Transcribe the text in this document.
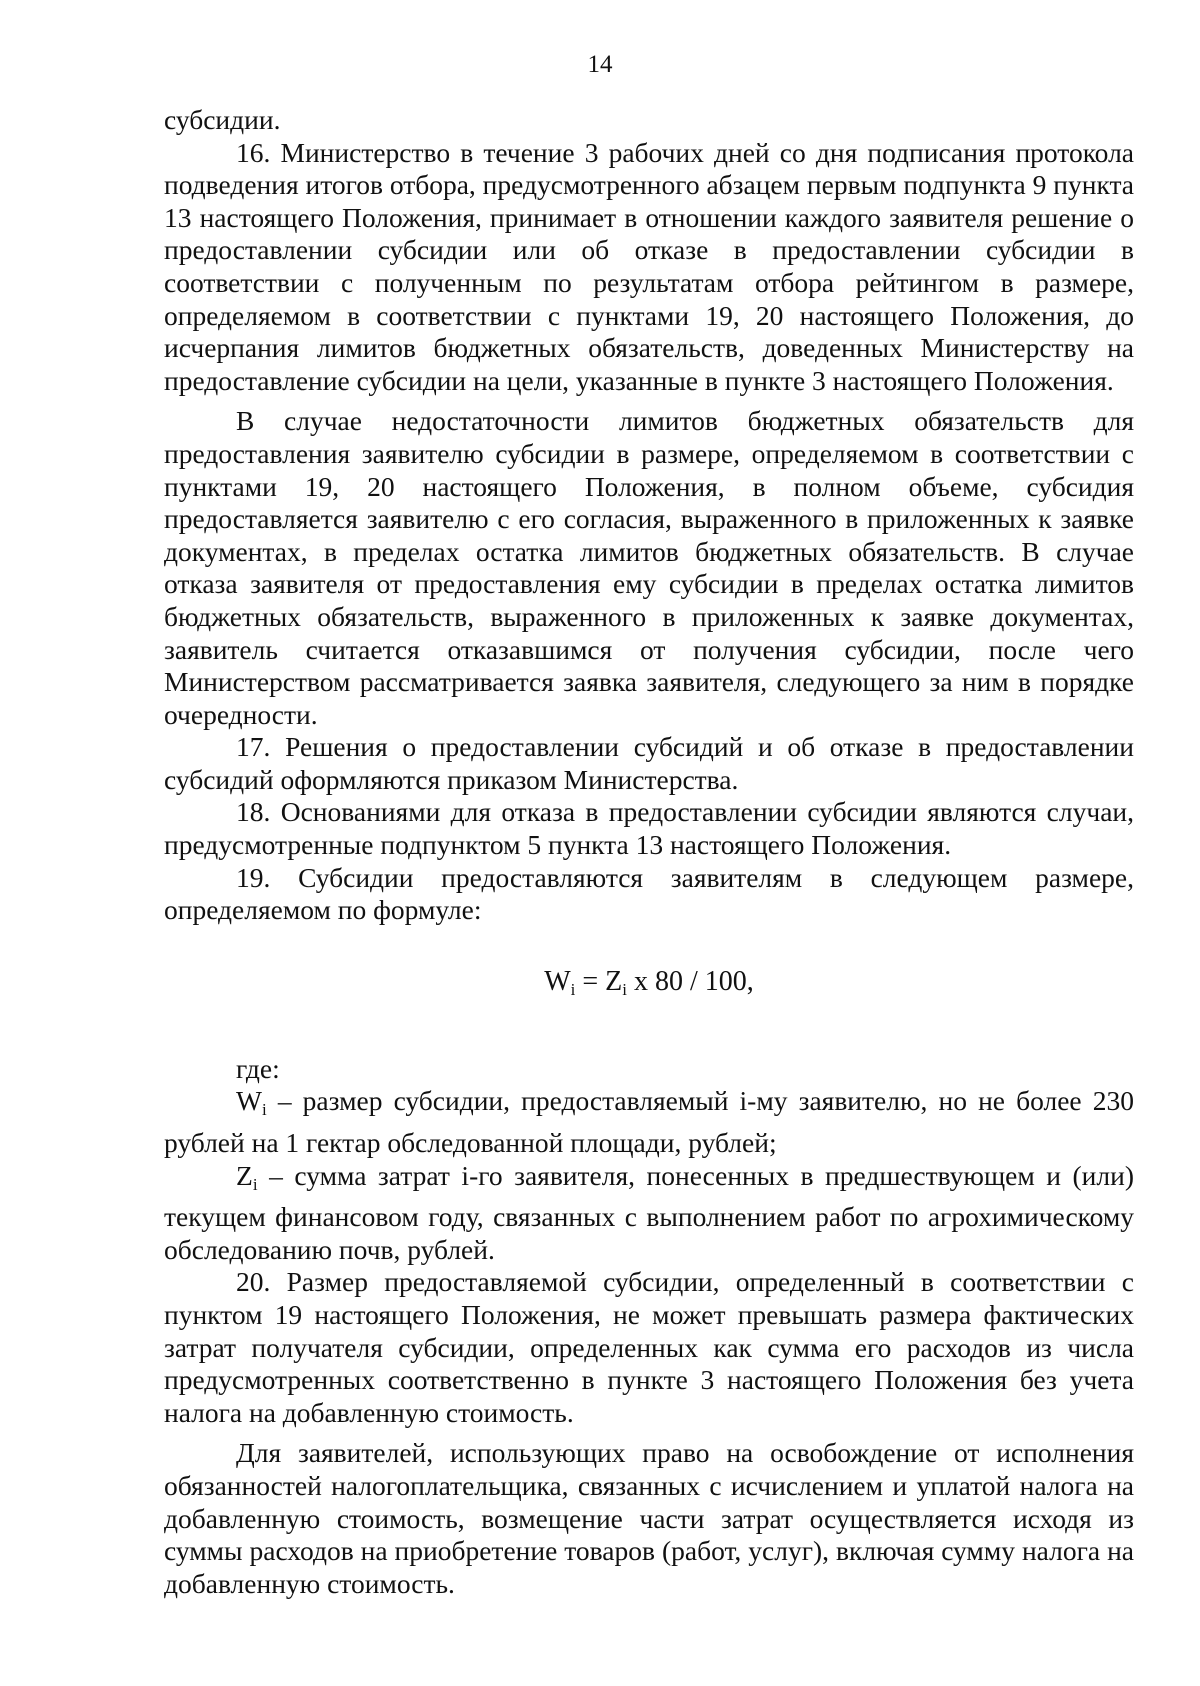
14

субсидии.

16. Министерство в течение 3 рабочих дней со дня подписания протокола подведения итогов отбора, предусмотренного абзацем первым подпункта 9 пункта 13 настоящего Положения, принимает в отношении каждого заявителя решение о предоставлении субсидии или об отказе в предоставлении субсидии в соответствии с полученным по результатам отбора рейтингом в размере, определяемом в соответствии с пунктами 19, 20 настоящего Положения, до исчерпания лимитов бюджетных обязательств, доведенных Министерству на предоставление субсидии на цели, указанные в пункте 3 настоящего Положения.

В случае недостаточности лимитов бюджетных обязательств для предоставления заявителю субсидии в размере, определяемом в соответствии с пунктами 19, 20 настоящего Положения, в полном объеме, субсидия предоставляется заявителю с его согласия, выраженного в приложенных к заявке документах, в пределах остатка лимитов бюджетных обязательств. В случае отказа заявителя от предоставления ему субсидии в пределах остатка лимитов бюджетных обязательств, выраженного в приложенных к заявке документах, заявитель считается отказавшимся от получения субсидии, после чего Министерством рассматривается заявка заявителя, следующего за ним в порядке очередности.

17. Решения о предоставлении субсидий и об отказе в предоставлении субсидий оформляются приказом Министерства.

18. Основаниями для отказа в предоставлении субсидии являются случаи, предусмотренные подпунктом 5 пункта 13 настоящего Положения.

19. Субсидии предоставляются заявителям в следующем размере, определяемом по формуле:

$W_i = Z_i$ x 80 / 100,

где:

$W_i$ – размер субсидии, предоставляемый i-му заявителю, но не более 230 рублей на 1 гектар обследованной площади, рублей;

$Z_i$ – сумма затрат i-го заявителя, понесенных в предшествующем и (или) текущем финансовом году, связанных с выполнением работ по агрохимическому обследованию почв, рублей.

20. Размер предоставляемой субсидии, определенный в соответствии с пунктом 19 настоящего Положения, не может превышать размера фактических затрат получателя субсидии, определенных как сумма его расходов из числа предусмотренных соответственно в пункте 3 настоящего Положения без учета налога на добавленную стоимость.

Для заявителей, использующих право на освобождение от исполнения обязанностей налогоплательщика, связанных с исчислением и уплатой налога на добавленную стоимость, возмещение части затрат осуществляется исходя из суммы расходов на приобретение товаров (работ, услуг), включая сумму налога на добавленную стоимость.
